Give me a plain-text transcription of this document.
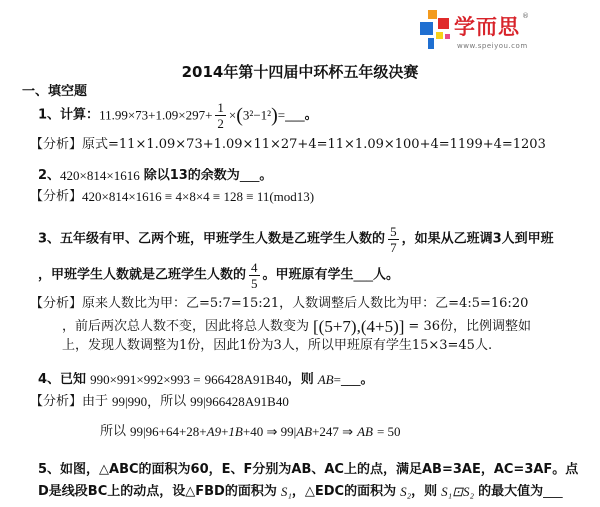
学而思 ®
www.speiyou.com
2014年第十四届中环杯五年级决赛
一、填空题
1、 计算： $11.99\times 73+1.09\times 297+ \frac{1}{2}$ × ( 3²−1² ) = ___ 。
【分析】 原式=11×1.09×73+1.09×11×27+4=11×1.09×100+4=1199+4=1203
2、 420×814×1616 除以13的余数为 ___ 。
【分析】 420×814×1616 ≡ 4×8×4 ≡ 128 ≡ 11(mod13)
3、 五年级有甲、乙两个班，甲班学生人数是乙班学生人数的 $\frac{5}{7}$ ，如果从乙班调3人到甲班
，甲班学生人数就是乙班学生人数的 $\frac{4}{5}$ 。甲班原有学生 ___ 人。
【分析】 原来人数比为甲：乙=5:7=15:21，人数调整后人数比为甲：乙=4:5=16:20
，前后两次总人数不变，因此将总人数变为 [(5+7),(4+5)] = 36份，比例调整如
上，发现人数调整为1份，因此1份为3人，所以甲班原有学生15×3=45人.
4、 已知 990×991×992×993 = 966428A91B40 ，则 $\overline{AB}$ = ___ 。
【分析】 由于 99|990， 所以 99| 966428A91B40
所以 99|96+64+28+ A9 + 1B +40 ⇒ 99| $\overline{AB} +247$ ⇒ $\overline{AB} = 50$
5、 如图，△ABC的面积为60，E、F分别为AB、AC上的点，满足AB=3AE，AC=3AF。点
D是线段BC上的动点，设△FBD的面积为 S₁ ，△EDC的面积为 S₂ ，则 S₁⊡S₂ 的最大值为 ___
